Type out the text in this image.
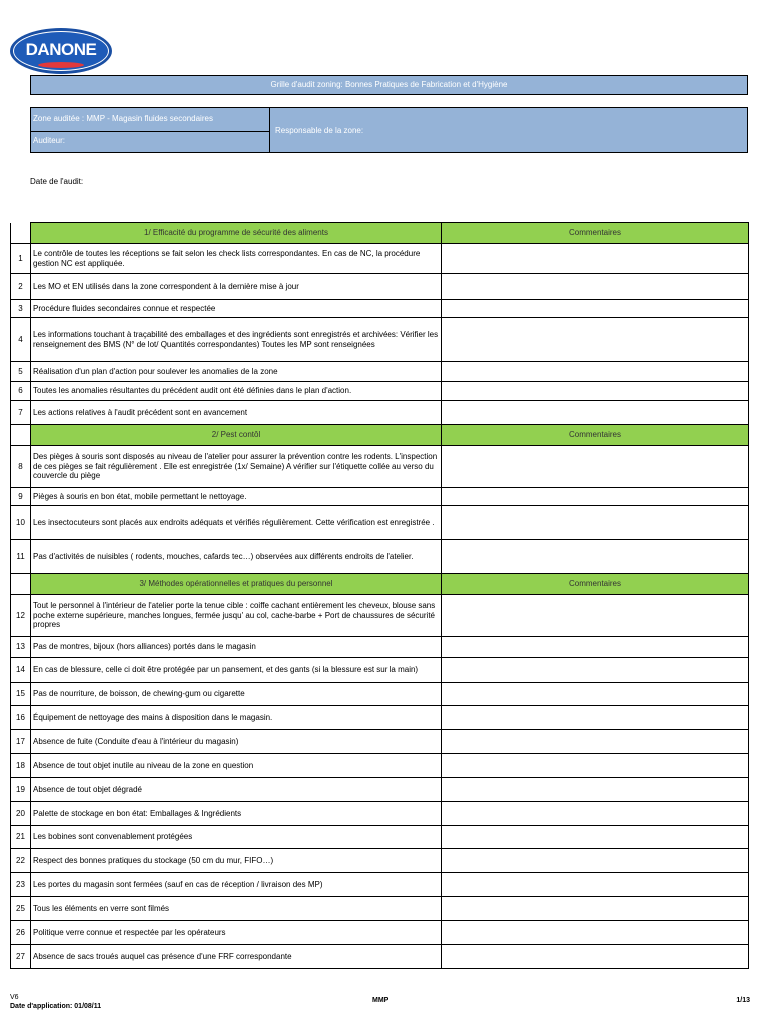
DANONE
Grille d'audit zoning: Bonnes Pratiques de Fabrication et d'Hygiène
Zone auditée : MMP - Magasin fluides secondaires
Auditeur:
Responsable de la zone:
Date de l'audit:
	1/ Efficacité du programme de sécurité des aliments	Commentaires
1	Le contrôle de toutes les réceptions se fait selon les check lists correspondantes. En cas de NC, la procédure gestion NC est appliquée.	
2	Les MO et EN utilisés dans la zone correspondent à la dernière mise à jour	
3	Procédure fluides secondaires connue et respectée	
4	Les informations touchant à traçabilité des emballages et des ingrédients sont enregistrés et archivées: Vérifier les renseignement des BMS (N° de lot/ Quantités correspondantes) Toutes les MP sont renseignées	
5	Réalisation d'un plan d'action pour soulever les anomalies de la zone	
6	Toutes les anomalies résultantes du précédent audit ont été définies dans le plan d'action.	
7	Les actions relatives à l'audit précédent sont en avancement	
	2/ Pest contôl	Commentaires
8	Des pièges à souris sont disposés au niveau de l'atelier pour assurer la prévention contre les rodents. L'inspection de ces pièges se fait régulièrement . Elle est enregistrée (1x/ Semaine) A vérifier sur l'étiquette collée au verso du couvercle du piège	
9	Pièges à souris en bon état, mobile permettant le nettoyage.	
10	Les insectocuteurs sont placés aux endroits adéquats et vérifiés régulièrement. Cette vérification est enregistrée .	
11	Pas d'activités de nuisibles ( rodents, mouches, cafards tec…) observées aux différents endroits de l'atelier.	
	3/ Méthodes opérationnelles et pratiques du personnel	Commentaires
12	Tout le personnel à l'intérieur de l'atelier porte la tenue cible : coiffe cachant entièrement les cheveux, blouse sans poche externe supérieure, manches longues, fermée jusqu' au col, cache-barbe + Port de chaussures de sécurité propres	
13	Pas de montres, bijoux (hors alliances) portés dans le magasin	
14	En cas de blessure, celle ci doit être protégée par un pansement, et des gants (si la blessure est sur la main)	
15	Pas de nourriture, de boisson, de chewing-gum ou cigarette	
16	Équipement de nettoyage des mains à disposition dans le magasin.	
17	Absence de fuite (Conduite d'eau à l'intérieur du magasin)	
18	Absence de tout objet inutile au niveau de la zone en question	
19	Absence de tout objet dégradé	
20	Palette de stockage en bon état: Emballages & Ingrédients	
21	Les bobines sont convenablement protégées	
22	Respect des bonnes pratiques du stockage (50 cm du mur, FIFO…)	
23	Les portes du magasin sont fermées (sauf en cas de réception / livraison des MP)	
25	Tous les éléments en verre sont filmés	
26	Politique verre connue et respectée par les opérateurs	
27	Absence de sacs troués auquel cas présence d'une FRF correspondante	
V6
Date d'application: 01/08/11
MMP	1/13
